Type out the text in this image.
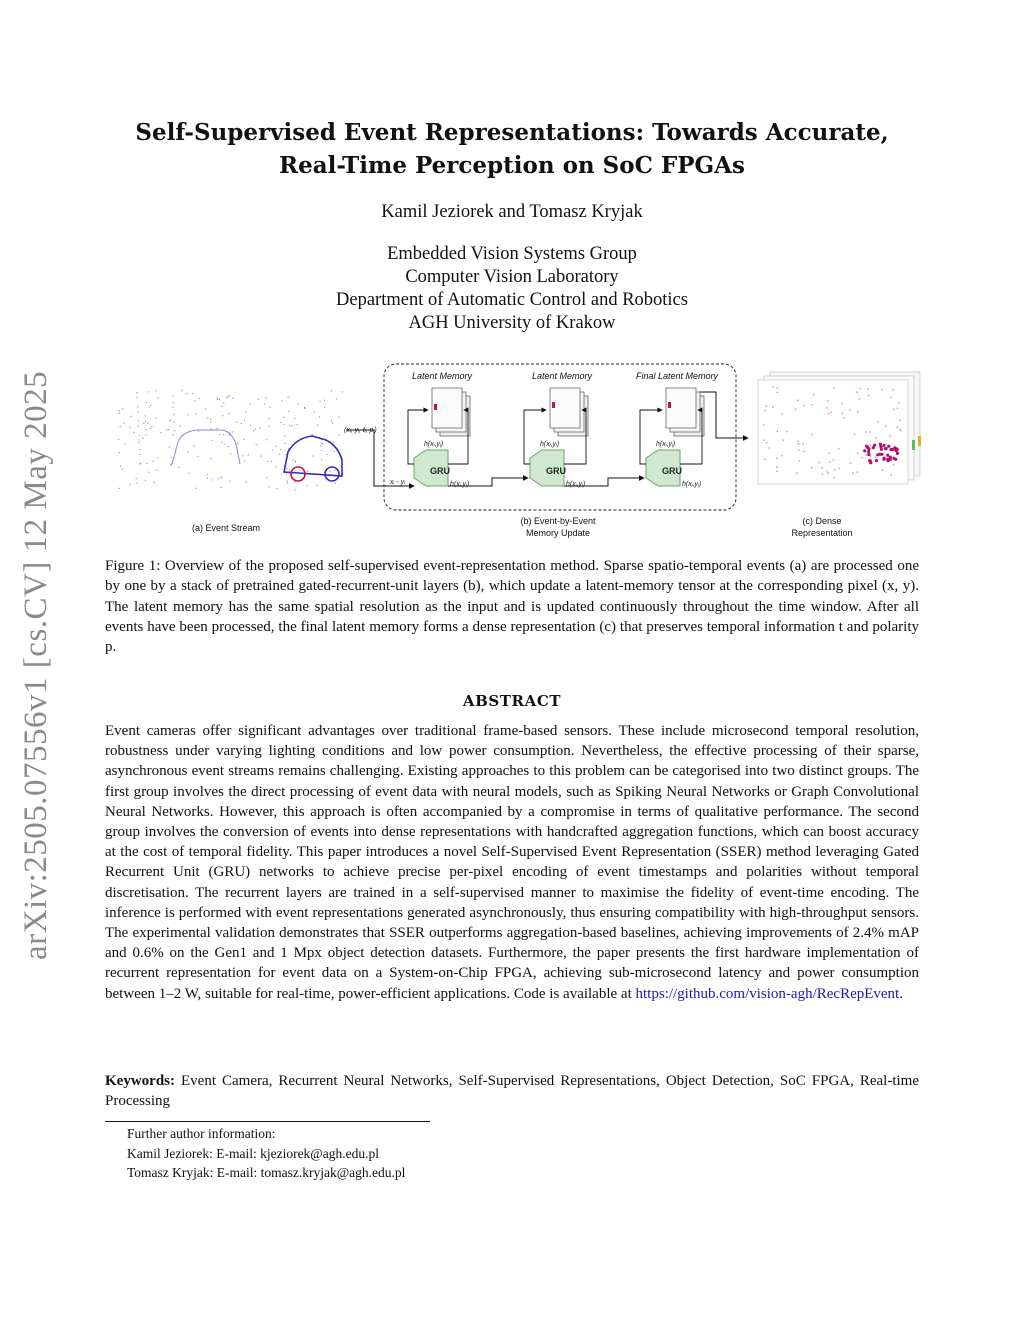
arXiv:2505.07556v1 [cs.CV] 12 May 2025
Self-Supervised Event Representations: Towards Accurate,
Real-Time Perception on SoC FPGAs
Kamil Jeziorek and Tomasz Kryjak
Embedded Vision Systems Group
Computer Vision Laboratory
Department of Automatic Control and Robotics
AGH University of Krakow
(xᵢ, yᵢ, tᵢ, pᵢ)
xᵢ - yᵢ
Latent Memory
h(xᵢ,yᵢ)
GRU
h(xᵢ,yᵢ)
Latent Memory
h(xᵢ,yᵢ)
GRU
h(xᵢ,yᵢ)
Final Latent Memory
h(xᵢ,yᵢ)
GRU
h(xᵢ,yᵢ)
(a) Event Stream
(b) Event-by-Event
Memory Update
(c) Dense
Representation
Figure 1: Overview of the proposed self-supervised event-representation method. Sparse spatio-temporal events (a) are processed one by one by a stack of pretrained gated-recurrent-unit layers (b), which update a latent-memory tensor at the corresponding pixel (x, y). The latent memory has the same spatial resolution as the input and is updated continuously throughout the time window. After all events have been processed, the final latent memory forms a dense representation (c) that preserves temporal information t and polarity p.
ABSTRACT
Event cameras offer significant advantages over traditional frame-based sensors. These include microsecond temporal resolution, robustness under varying lighting conditions and low power consumption. Nevertheless, the effective processing of their sparse, asynchronous event streams remains challenging. Existing approaches to this problem can be categorised into two distinct groups. The first group involves the direct processing of event data with neural models, such as Spiking Neural Networks or Graph Convolutional Neural Networks. However, this approach is often accompanied by a compromise in terms of qualitative performance. The second group involves the conversion of events into dense representations with handcrafted aggregation functions, which can boost accuracy at the cost of temporal fidelity. This paper introduces a novel Self-Supervised Event Representation (SSER) method leveraging Gated Recurrent Unit (GRU) networks to achieve precise per-pixel encoding of event timestamps and polarities without temporal discretisation. The recurrent layers are trained in a self-supervised manner to maximise the fidelity of event-time encoding. The inference is performed with event representations generated asynchronously, thus ensuring compatibility with high-throughput sensors. The experimental validation demonstrates that SSER outperforms aggregation-based baselines, achieving improvements of 2.4% mAP and 0.6% on the Gen1 and 1 Mpx object detection datasets. Furthermore, the paper presents the first hardware implementation of recurrent representation for event data on a System-on-Chip FPGA, achieving sub-microsecond latency and power consumption between 1–2 W, suitable for real-time, power-efficient applications. Code is available at https://github.com/vision-agh/RecRepEvent.
Keywords: Event Camera, Recurrent Neural Networks, Self-Supervised Representations, Object Detection, SoC FPGA, Real-time Processing
Further author information:
Kamil Jeziorek: E-mail: kjeziorek@agh.edu.pl
Tomasz Kryjak: E-mail: tomasz.kryjak@agh.edu.pl
